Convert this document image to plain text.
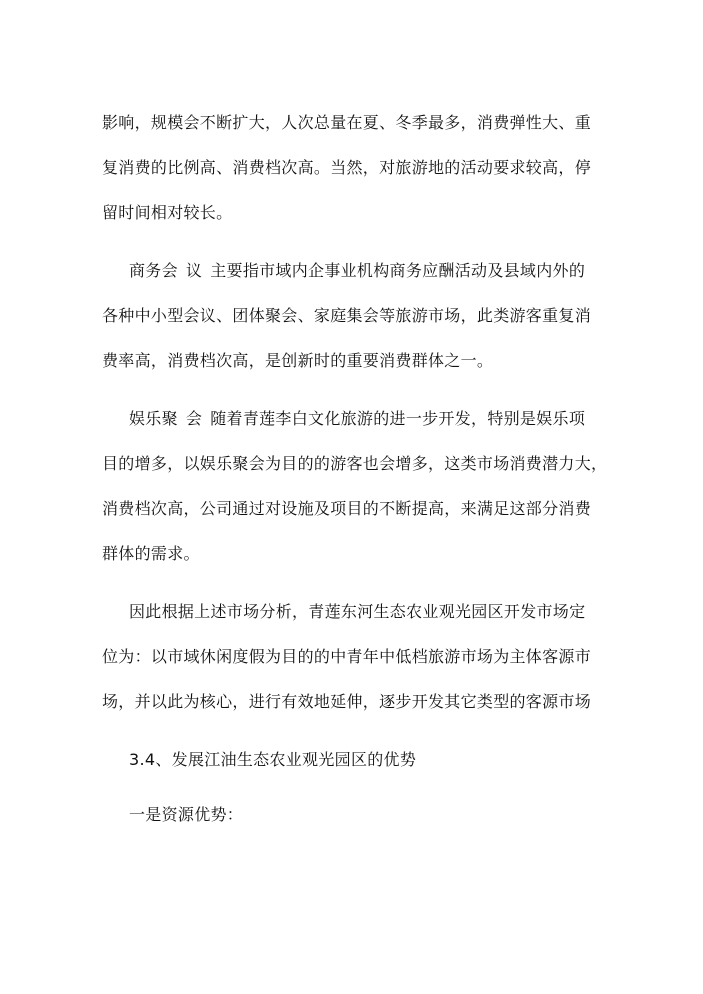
影响，规模会不断扩大，人次总量在夏、冬季最多，消费弹性大、重
复消费的比例高、消费档次高。当然，对旅游地的活动要求较高，停
留时间相对较长。
商务会 议 主要指市域内企事业机构商务应酬活动及县域内外的
各种中小型会议、团体聚会、家庭集会等旅游市场，此类游客重复消
费率高，消费档次高，是创新时的重要消费群体之一。
娱乐聚 会 随着青莲李白文化旅游的进一步开发，特别是娱乐项
目的增多，以娱乐聚会为目的的游客也会增多，这类市场消费潜力大，
消费档次高，公司通过对设施及项目的不断提高，来满足这部分消费
群体的需求。
因此根据上述市场分析，青莲东河生态农业观光园区开发市场定
位为：以市域休闲度假为目的的中青年中低档旅游市场为主体客源市
场，并以此为核心，进行有效地延伸，逐步开发其它类型的客源市场
3.4、发展江油生态农业观光园区的优势
一是资源优势：
